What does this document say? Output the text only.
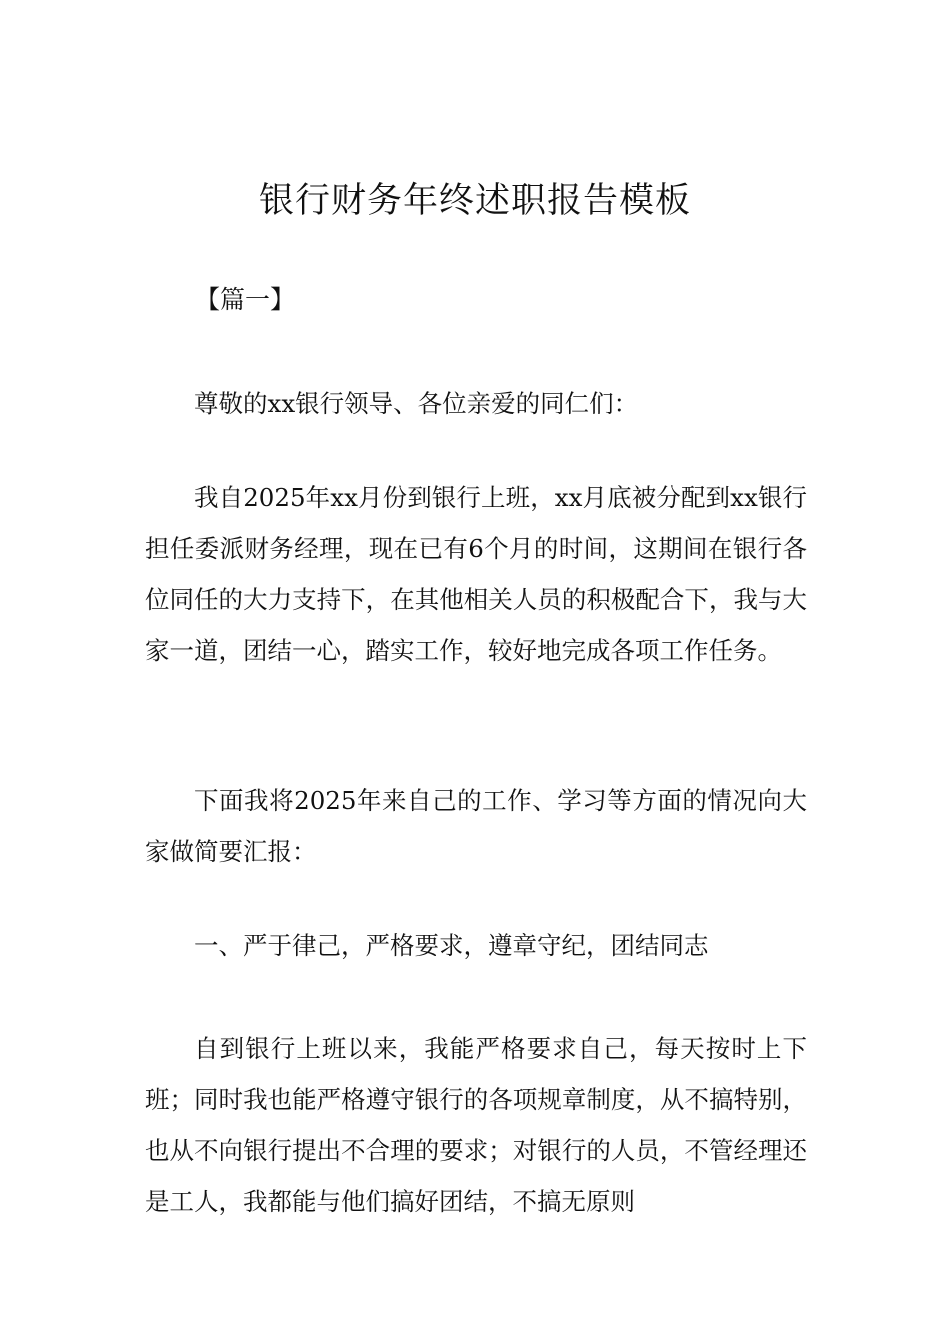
银行财务年终述职报告模板

【篇一】

尊敬的xx银行领导、各位亲爱的同仁们：

我自2025年xx月份到银行上班，xx月底被分配到xx银行担任委派财务经理，现在已有6个月的时间，这期间在银行各位同任的大力支持下，在其他相关人员的积极配合下，我与大家一道，团结一心，踏实工作，较好地完成各项工作任务。

下面我将2025年来自己的工作、学习等方面的情况向大家做简要汇报：

一、严于律己，严格要求，遵章守纪，团结同志

自到银行上班以来，我能严格要求自己，每天按时上下班；同时我也能严格遵守银行的各项规章制度，从不搞特别，也从不向银行提出不合理的要求；对银行的人员，不管经理还是工人，我都能与他们搞好团结，不搞无原则
